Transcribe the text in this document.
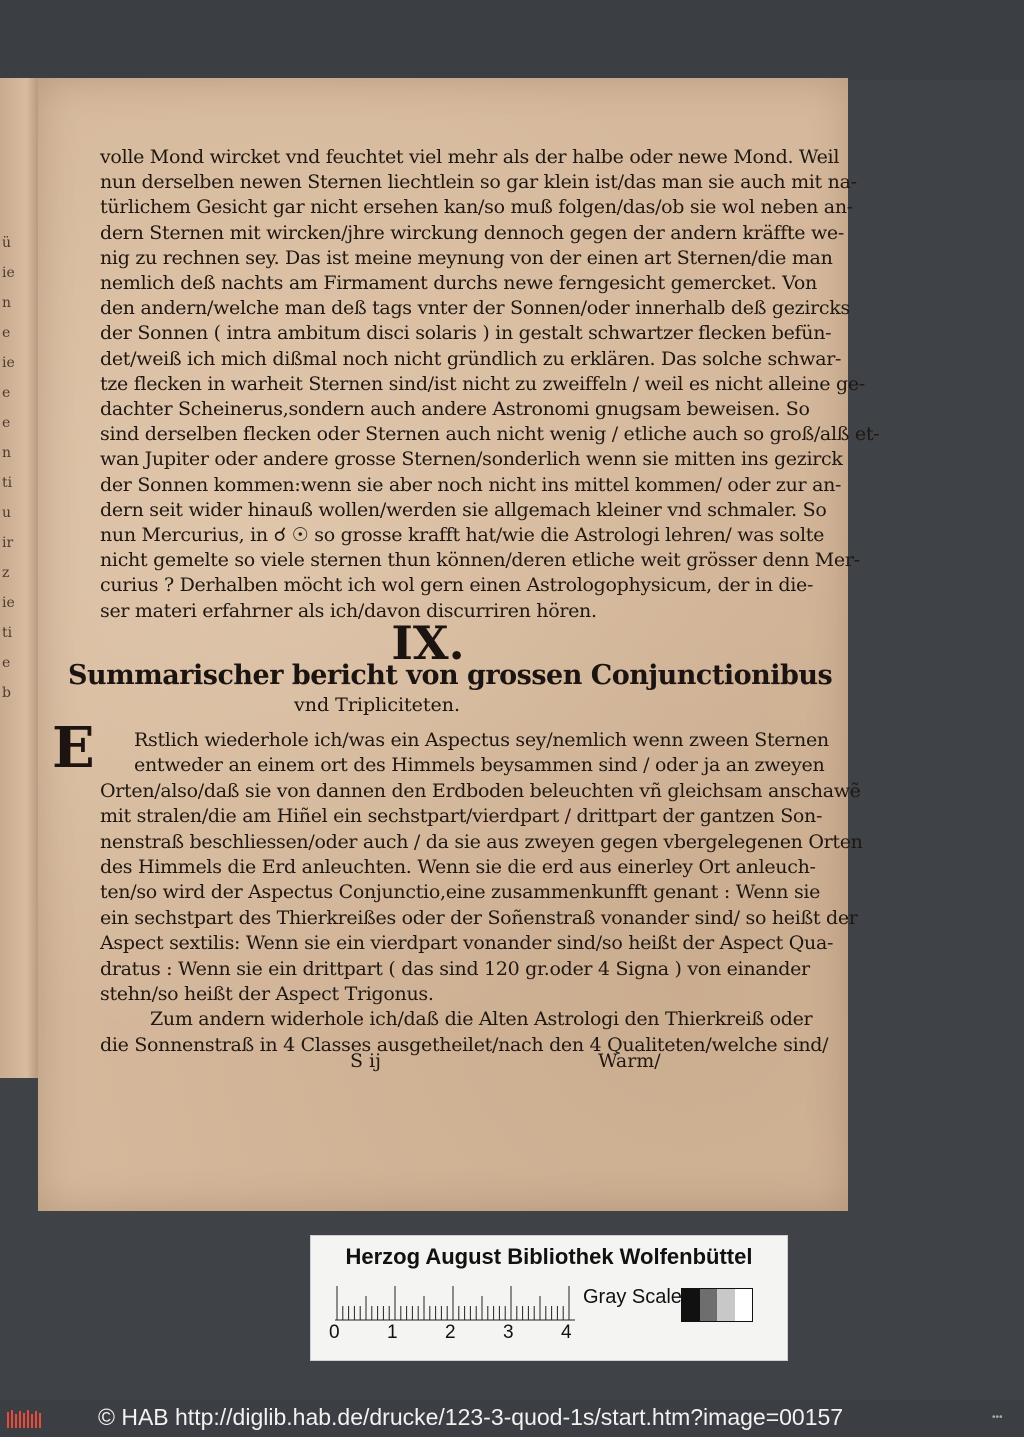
ü
ie
n
e
ie
e
e
n
ti
u
ir
z
ie
ti
e
b
volle Mond wircket vnd feuchtet viel mehr als der halbe oder newe Mond. Weil
nun derselben newen Sternen liechtlein so gar klein ist/das man sie auch mit na-
türlichem Gesicht gar nicht ersehen kan/so muß folgen/das/ob sie wol neben an-
dern Sternen mit wircken/jhre wirckung dennoch gegen der andern kräffte we-
nig zu rechnen sey. Das ist meine meynung von der einen art Sternen/die man
nemlich deß nachts am Firmament durchs newe ferngesicht gemercket. Von
den andern/welche man deß tags vnter der Sonnen/oder innerhalb deß gezircks
der Sonnen ( intra ambitum disci solaris ) in gestalt schwartzer flecken befün-
det/weiß ich mich dißmal noch nicht gründlich zu erklären. Das solche schwar-
tze flecken in warheit Sternen sind/ist nicht zu zweiffeln / weil es nicht alleine ge-
dachter Scheinerus,sondern auch andere Astronomi gnugsam beweisen. So
sind derselben flecken oder Sternen auch nicht wenig / etliche auch so groß/alß et-
wan Jupiter oder andere grosse Sternen/sonderlich wenn sie mitten ins gezirck
der Sonnen kommen:wenn sie aber noch nicht ins mittel kommen/ oder zur an-
dern seit wider hinauß wollen/werden sie allgemach kleiner vnd schmaler. So
nun Mercurius, in ☌ ☉ so grosse krafft hat/wie die Astrologi lehren/ was solte
nicht gemelte so viele sternen thun können/deren etliche weit grösser denn Mer-
curius ? Derhalben möcht ich wol gern einen Astrologophysicum, der in die-
ser materi erfahrner als ich/davon discurriren hören.
IX.
Summarischer bericht von grossen Conjunctionibus
vnd Tripliciteten.
E Rstlich wiederhole ich/was ein Aspectus sey/nemlich wenn zween Sternen
entweder an einem ort des Himmels beysammen sind / oder ja an zweyen
Orten/also/daß sie von dannen den Erdboden beleuchten vñ gleichsam anschawẽ
mit stralen/die am Hiñel ein sechstpart/vierdpart / drittpart der gantzen Son-
nenstraß beschliessen/oder auch / da sie aus zweyen gegen vbergelegenen Orten
des Himmels die Erd anleuchten. Wenn sie die erd aus einerley Ort anleuch-
ten/so wird der Aspectus Conjunctio,eine zusammenkunfft genant : Wenn sie
ein sechstpart des Thierkreißes oder der Soñenstraß vonander sind/ so heißt der
Aspect sextilis: Wenn sie ein vierdpart vonander sind/so heißt der Aspect Qua-
dratus : Wenn sie ein drittpart ( das sind 120 gr.oder 4 Signa ) von einander
stehn/so heißt der Aspect Trigonus.
Zum andern widerhole ich/daß die Alten Astrologi den Thierkreiß oder
die Sonnenstraß in 4 Classes ausgetheilet/nach den 4 Qualiteten/welche sind/
S ij	Warm/
Herzog August Bibliothek Wolfenbüttel
0 1 2 3 4
Gray Scale
© HAB http://diglib.hab.de/drucke/123-3-quod-1s/start.htm?image=00157	•••
